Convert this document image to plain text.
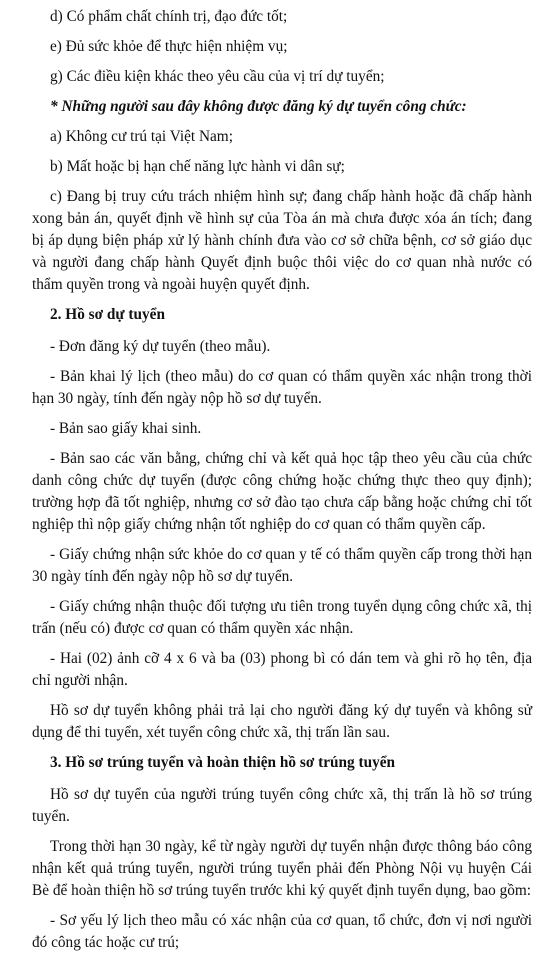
d) Có phẩm chất chính trị, đạo đức tốt;

e) Đủ sức khỏe để thực hiện nhiệm vụ;

g) Các điều kiện khác theo yêu cầu của vị trí dự tuyển;

* Những người sau đây không được đăng ký dự tuyển công chức:

a) Không cư trú tại Việt Nam;

b) Mất hoặc bị hạn chế năng lực hành vi dân sự;

c) Đang bị truy cứu trách nhiệm hình sự; đang chấp hành hoặc đã chấp hành xong bản án, quyết định về hình sự của Tòa án mà chưa được xóa án tích; đang bị áp dụng biện pháp xử lý hành chính đưa vào cơ sở chữa bệnh, cơ sở giáo dục và người đang chấp hành Quyết định buộc thôi việc do cơ quan nhà nước có thẩm quyền trong và ngoài huyện quyết định.

2. Hồ sơ dự tuyển

- Đơn đăng ký dự tuyển (theo mẫu).

- Bản khai lý lịch (theo mẫu) do cơ quan có thẩm quyền xác nhận trong thời hạn 30 ngày, tính đến ngày nộp hồ sơ dự tuyển.

- Bản sao giấy khai sinh.

- Bản sao các văn bằng, chứng chỉ và kết quả học tập theo yêu cầu của chức danh công chức dự tuyển (được công chứng hoặc chứng thực theo quy định); trường hợp đã tốt nghiệp, nhưng cơ sở đào tạo chưa cấp bằng hoặc chứng chỉ tốt nghiệp thì nộp giấy chứng nhận tốt nghiệp do cơ quan có thẩm quyền cấp.

- Giấy chứng nhận sức khỏe do cơ quan y tế có thẩm quyền cấp trong thời hạn 30 ngày tính đến ngày nộp hồ sơ dự tuyển.

- Giấy chứng nhận thuộc đối tượng ưu tiên trong tuyển dụng công chức xã, thị trấn (nếu có) được cơ quan có thẩm quyền xác nhận.

- Hai (02) ảnh cỡ 4 x 6 và ba (03) phong bì có dán tem và ghi rõ họ tên, địa chỉ người nhận.

Hồ sơ dự tuyển không phải trả lại cho người đăng ký dự tuyển và không sử dụng để thi tuyển, xét tuyển công chức xã, thị trấn lần sau.

3. Hồ sơ trúng tuyển và hoàn thiện hồ sơ trúng tuyển

Hồ sơ dự tuyển của người trúng tuyển công chức xã, thị trấn là hồ sơ trúng tuyển.

Trong thời hạn 30 ngày, kể từ ngày người dự tuyển nhận được thông báo công nhận kết quả trúng tuyển, người trúng tuyển phải đến Phòng Nội vụ huyện Cái Bè để hoàn thiện hồ sơ trúng tuyển trước khi ký quyết định tuyển dụng, bao gồm:

- Sơ yếu lý lịch theo mẫu có xác nhận của cơ quan, tổ chức, đơn vị nơi người đó công tác hoặc cư trú;
